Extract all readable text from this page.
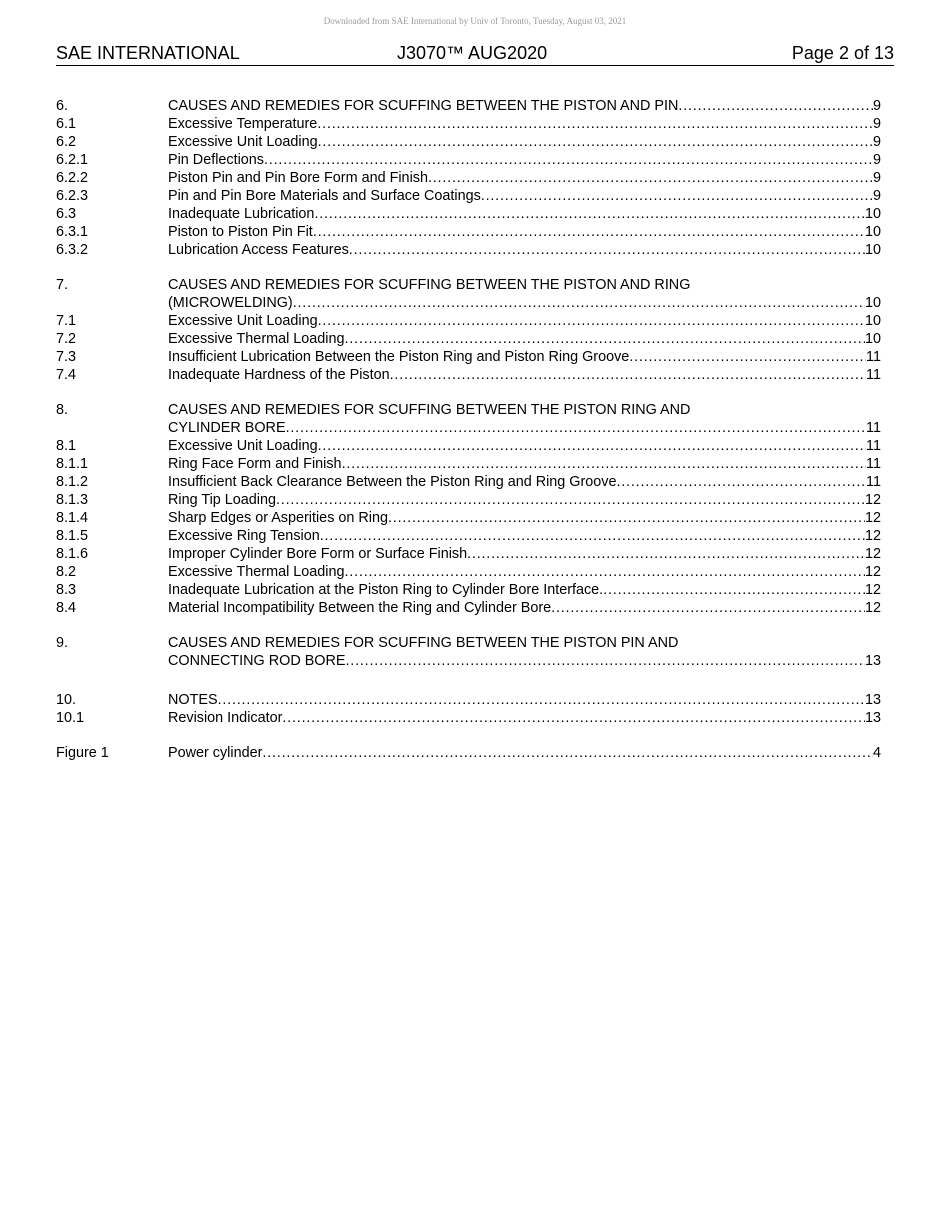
Downloaded from SAE International by Univ of Toronto, Tuesday, August 03, 2021
SAE INTERNATIONAL	J3070™ AUG2020	Page 2 of 13
6.	CAUSES AND REMEDIES FOR SCUFFING BETWEEN THE PISTON AND PIN . . .	9
6.1	Excessive Temperature . . .	9
6.2	Excessive Unit Loading . . .	9
6.2.1	Pin Deflections . . .	9
6.2.2	Piston Pin and Pin Bore Form and Finish . . .	9
6.2.3	Pin and Pin Bore Materials and Surface Coatings . . .	9
6.3	Inadequate Lubrication . . .	10
6.3.1	Piston to Piston Pin Fit . . .	10
6.3.2	Lubrication Access Features . . .	10
7.	CAUSES AND REMEDIES FOR SCUFFING BETWEEN THE PISTON AND RING
(MICROWELDING) . . .	10
7.1	Excessive Unit Loading . . .	10
7.2	Excessive Thermal Loading . . .	10
7.3	Insufficient Lubrication Between the Piston Ring and Piston Ring Groove . . .	11
7.4	Inadequate Hardness of the Piston . . .	11
8.	CAUSES AND REMEDIES FOR SCUFFING BETWEEN THE PISTON RING AND
CYLINDER BORE . . .	11
8.1	Excessive Unit Loading . . .	11
8.1.1	Ring Face Form and Finish . . .	11
8.1.2	Insufficient Back Clearance Between the Piston Ring and Ring Groove . . .	11
8.1.3	Ring Tip Loading . . .	12
8.1.4	Sharp Edges or Asperities on Ring . . .	12
8.1.5	Excessive Ring Tension . . .	12
8.1.6	Improper Cylinder Bore Form or Surface Finish . . .	12
8.2	Excessive Thermal Loading . . .	12
8.3	Inadequate Lubrication at the Piston Ring to Cylinder Bore Interface. . . .	12
8.4	Material Incompatibility Between the Ring and Cylinder Bore . . .	12
9.	CAUSES AND REMEDIES FOR SCUFFING BETWEEN THE PISTON PIN AND
CONNECTING ROD BORE . . .	13
10.	NOTES . . .	13
10.1	Revision Indicator . . .	13
Figure 1	Power cylinder . . .	4
